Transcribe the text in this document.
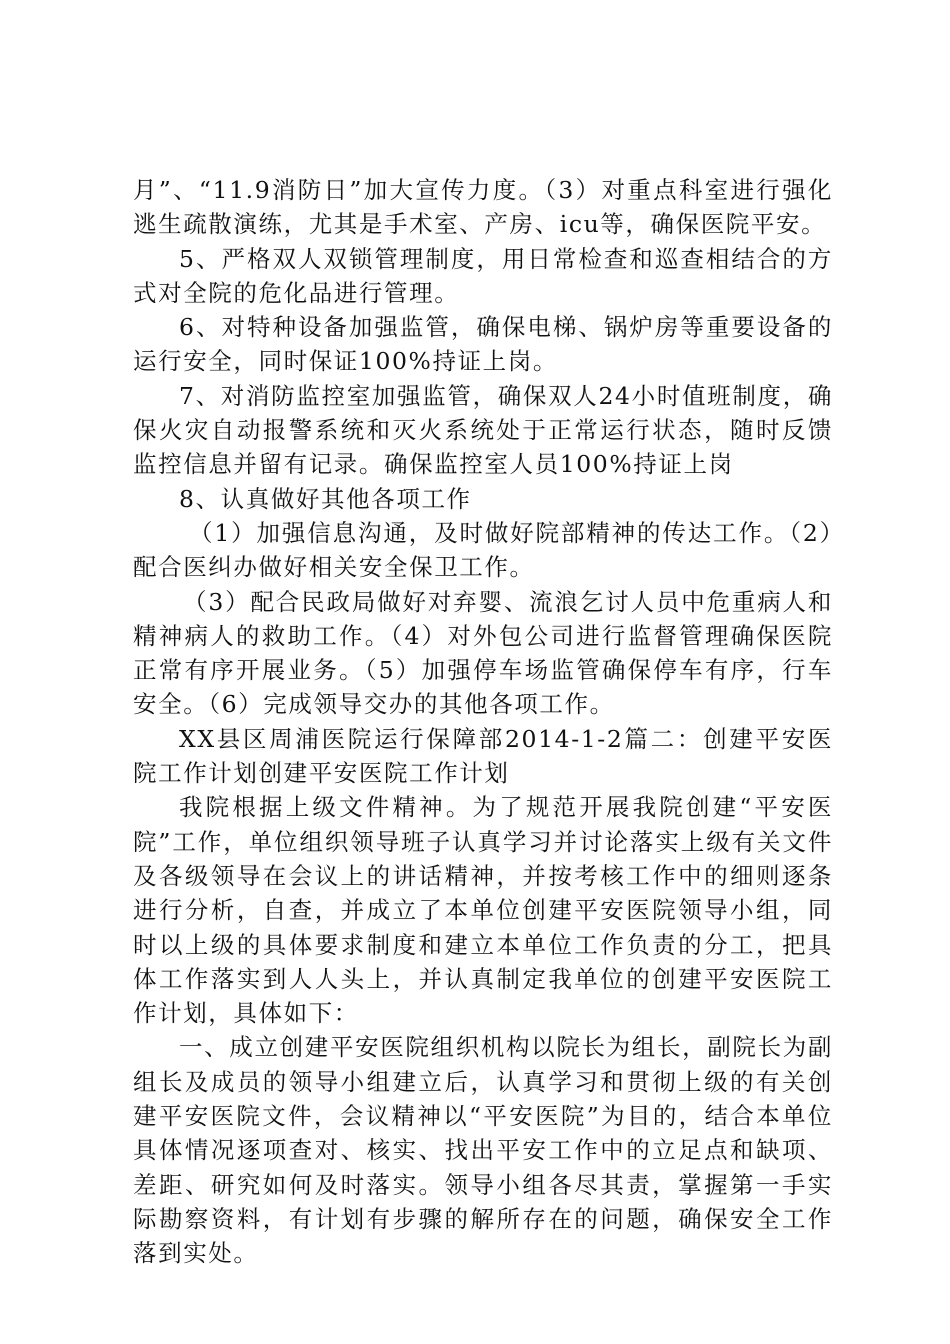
月”、“11.9消防日”加大宣传力度。（3）对重点科室进行强化逃生疏散演练，尤其是手术室、产房、icu等，确保医院平安。

5、严格双人双锁管理制度，用日常检查和巡查相结合的方式对全院的危化品进行管理。

6、对特种设备加强监管，确保电梯、锅炉房等重要设备的运行安全，同时保证100%持证上岗。

7、对消防监控室加强监管，确保双人24小时值班制度，确保火灾自动报警系统和灭火系统处于正常运行状态，随时反馈监控信息并留有记录。确保监控室人员100%持证上岗

8、认真做好其他各项工作

（1）加强信息沟通，及时做好院部精神的传达工作。（2）配合医纠办做好相关安全保卫工作。

（3）配合民政局做好对弃婴、流浪乞讨人员中危重病人和精神病人的救助工作。（4）对外包公司进行监督管理确保医院正常有序开展业务。（5）加强停车场监管确保停车有序，行车安全。（6）完成领导交办的其他各项工作。

XX县区周浦医院运行保障部2014-1-2篇二：创建平安医院工作计划创建平安医院工作计划

我院根据上级文件精神。为了规范开展我院创建“平安医院”工作，单位组织领导班子认真学习并讨论落实上级有关文件及各级领导在会议上的讲话精神，并按考核工作中的细则逐条进行分析，自查，并成立了本单位创建平安医院领导小组，同时以上级的具体要求制度和建立本单位工作负责的分工，把具体工作落实到人人头上，并认真制定我单位的创建平安医院工作计划，具体如下：

一、成立创建平安医院组织机构以院长为组长，副院长为副组长及成员的领导小组建立后，认真学习和贯彻上级的有关创建平安医院文件，会议精神以“平安医院”为目的，结合本单位具体情况逐项查对、核实、找出平安工作中的立足点和缺项、差距、研究如何及时落实。领导小组各尽其责，掌握第一手实际勘察资料，有计划有步骤的解所存在的问题，确保安全工作落到实处。
